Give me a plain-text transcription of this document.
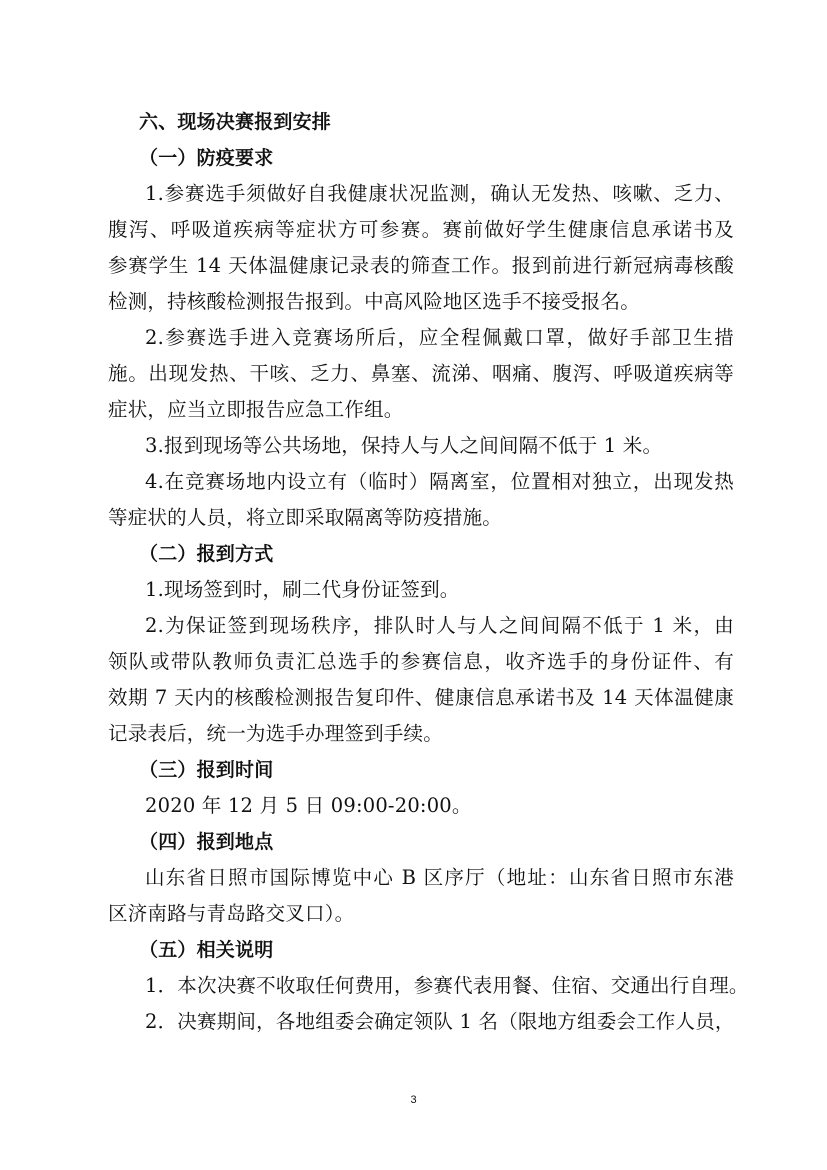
六、现场决赛报到安排
（一）防疫要求
1.参赛选手须做好自我健康状况监测，确认无发热、咳嗽、乏力、
腹泻、呼吸道疾病等症状方可参赛。赛前做好学生健康信息承诺书及
参赛学生 14 天体温健康记录表的筛查工作。报到前进行新冠病毒核酸
检测，持核酸检测报告报到。中高风险地区选手不接受报名。
2.参赛选手进入竞赛场所后，应全程佩戴口罩，做好手部卫生措
施。出现发热、干咳、乏力、鼻塞、流涕、咽痛、腹泻、呼吸道疾病等
症状，应当立即报告应急工作组。
3.报到现场等公共场地，保持人与人之间间隔不低于 1 米。
4.在竞赛场地内设立有（临时）隔离室，位置相对独立，出现发热
等症状的人员，将立即采取隔离等防疫措施。
（二）报到方式
1.现场签到时，刷二代身份证签到。
2.为保证签到现场秩序，排队时人与人之间间隔不低于 1 米，由
领队或带队教师负责汇总选手的参赛信息，收齐选手的身份证件、有
效期 7 天内的核酸检测报告复印件、健康信息承诺书及 14 天体温健康
记录表后，统一为选手办理签到手续。
（三）报到时间
2020 年 12 月 5 日 09:00-20:00。
（四）报到地点
山东省日照市国际博览中心 B 区序厅（地址：山东省日照市东港
区济南路与青岛路交叉口）。
（五）相关说明
1．本次决赛不收取任何费用，参赛代表用餐、住宿、交通出行自理。
2．决赛期间，各地组委会确定领队 1 名（限地方组委会工作人员，
3
